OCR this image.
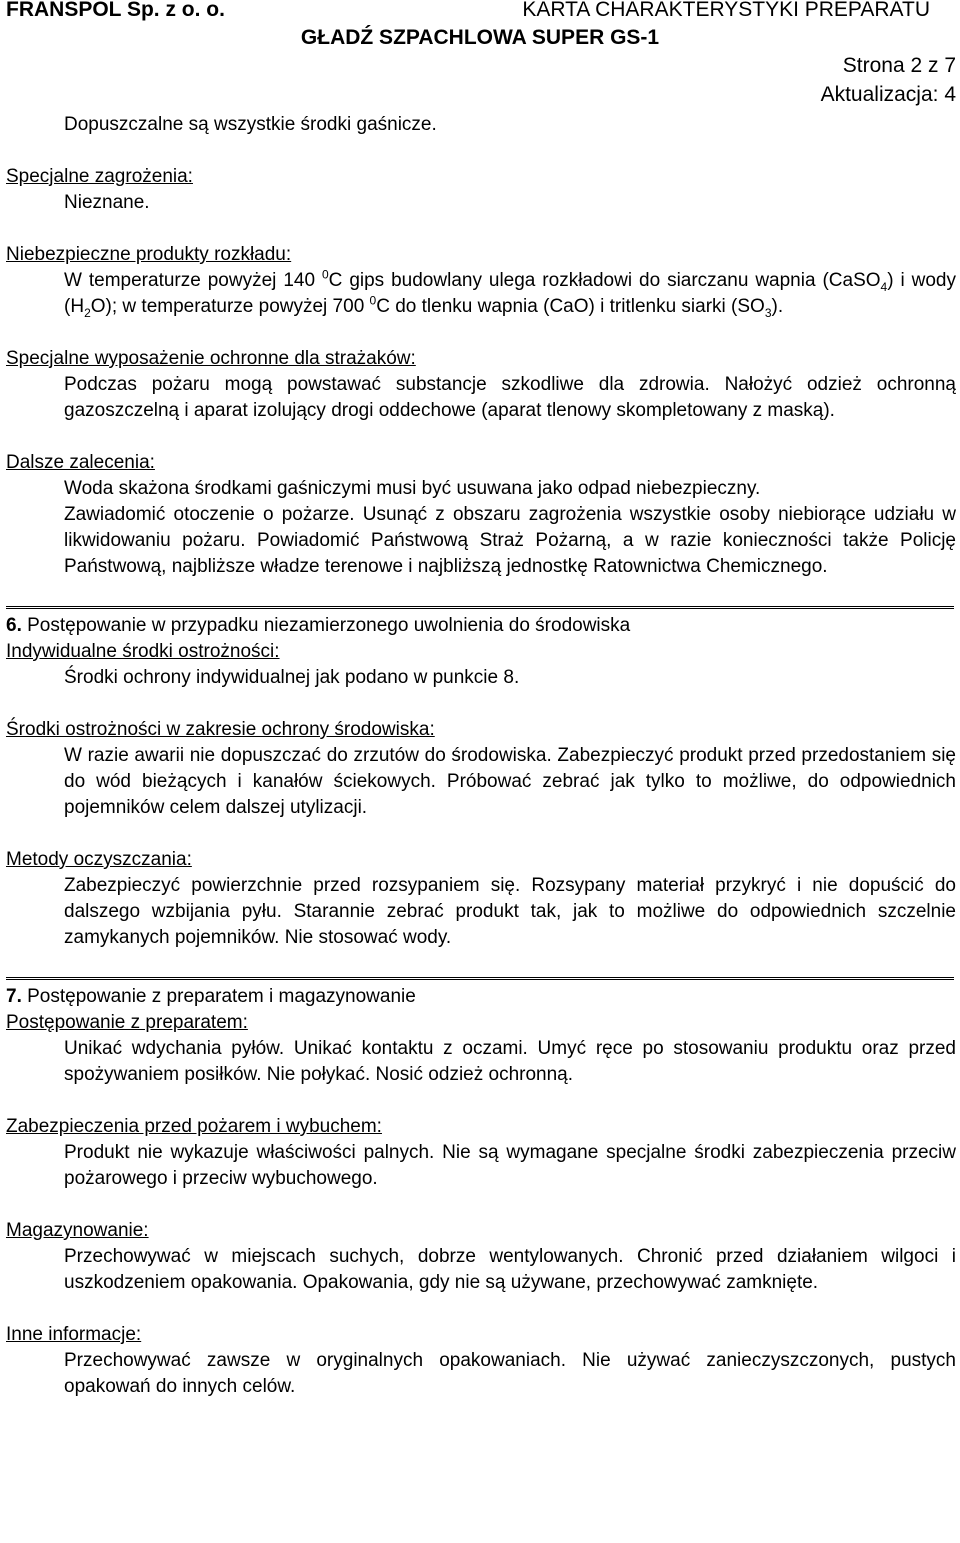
FRANSPOL Sp. z o. o.	KARTA CHARAKTERYSTYKI PREPARATU
GŁADŹ SZPACHLOWA SUPER GS-1
Strona 2 z 7
Aktualizacja: 4
Dopuszczalne są wszystkie środki gaśnicze.
Specjalne zagrożenia:
Nieznane.
Niebezpieczne produkty rozkładu:
W temperaturze powyżej 140 $^0$C gips budowlany ulega rozkładowi do siarczanu wapnia (CaSO$_4$) i wody $(H_2O)$; w temperaturze powyżej 700 $^0$C do tlenku wapnia (CaO) i tritlenku siarki $(SO_3)$.
Specjalne wyposażenie ochronne dla strażaków:
Podczas pożaru mogą powstawać substancje szkodliwe dla zdrowia. Nałożyć odzież ochronną gazoszczelną i aparat izolujący drogi oddechowe (aparat tlenowy skompletowany z maską).
Dalsze zalecenia:
Woda skażona środkami gaśniczymi musi być usuwana jako odpad niebezpieczny.
Zawiadomić otoczenie o pożarze. Usunąć z obszaru zagrożenia wszystkie osoby niebiorące udziału w likwidowaniu pożaru. Powiadomić Państwową Straż Pożarną, a w razie konieczności także Policję Państwową, najbliższe władze terenowe i najbliższą jednostkę Ratownictwa Chemicznego.
6. Postępowanie w przypadku niezamierzonego uwolnienia do środowiska
Indywidualne środki ostrożności:
Środki ochrony indywidualnej jak podano w punkcie 8.
Środki ostrożności w zakresie ochrony środowiska:
W razie awarii nie dopuszczać do zrzutów do środowiska. Zabezpieczyć produkt przed przedostaniem się do wód bieżących i kanałów ściekowych. Próbować zebrać jak tylko to możliwe, do odpowiednich pojemników celem dalszej utylizacji.
Metody oczyszczania:
Zabezpieczyć powierzchnie przed rozsypaniem się. Rozsypany materiał przykryć i nie dopuścić do dalszego wzbijania pyłu. Starannie zebrać produkt tak, jak to możliwe do odpowiednich szczelnie zamykanych pojemników. Nie stosować wody.
7. Postępowanie z preparatem i magazynowanie
Postępowanie z preparatem:
Unikać wdychania pyłów. Unikać kontaktu z oczami. Umyć ręce po stosowaniu produktu oraz przed spożywaniem posiłków. Nie połykać. Nosić odzież ochronną.
Zabezpieczenia przed pożarem i wybuchem:
Produkt nie wykazuje właściwości palnych. Nie są wymagane specjalne środki zabezpieczenia przeciw pożarowego i przeciw wybuchowego.
Magazynowanie:
Przechowywać w miejscach suchych, dobrze wentylowanych. Chronić przed działaniem wilgoci i uszkodzeniem opakowania. Opakowania, gdy nie są używane, przechowywać zamknięte.
Inne informacje:
Przechowywać zawsze w oryginalnych opakowaniach. Nie używać zanieczyszczonych, pustych opakowań do innych celów.
